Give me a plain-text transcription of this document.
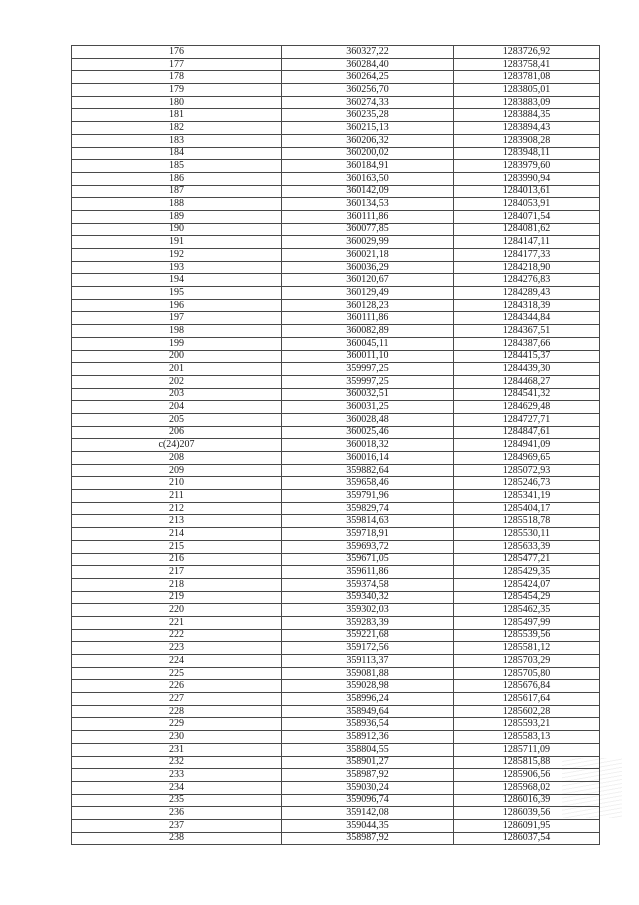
176	360327,22	1283726,92
177	360284,40	1283758,41
178	360264,25	1283781,08
179	360256,70	1283805,01
180	360274,33	1283883,09
181	360235,28	1283884,35
182	360215,13	1283894,43
183	360206,32	1283908,28
184	360200,02	1283948,11
185	360184,91	1283979,60
186	360163,50	1283990,94
187	360142,09	1284013,61
188	360134,53	1284053,91
189	360111,86	1284071,54
190	360077,85	1284081,62
191	360029,99	1284147,11
192	360021,18	1284177,33
193	360036,29	1284218,90
194	360120,67	1284276,83
195	360129,49	1284289,43
196	360128,23	1284318,39
197	360111,86	1284344,84
198	360082,89	1284367,51
199	360045,11	1284387,66
200	360011,10	1284415,37
201	359997,25	1284439,30
202	359997,25	1284468,27
203	360032,51	1284541,32
204	360031,25	1284629,48
205	360028,48	1284727,71
206	360025,46	1284847,61
c(24)207	360018,32	1284941,09
208	360016,14	1284969,65
209	359882,64	1285072,93
210	359658,46	1285246,73
211	359791,96	1285341,19
212	359829,74	1285404,17
213	359814,63	1285518,78
214	359718,91	1285530,11
215	359693,72	1285633,39
216	359671,05	1285477,21
217	359611,86	1285429,35
218	359374,58	1285424,07
219	359340,32	1285454,29
220	359302,03	1285462,35
221	359283,39	1285497,99
222	359221,68	1285539,56
223	359172,56	1285581,12
224	359113,37	1285703,29
225	359081,88	1285705,80
226	359028,98	1285676,84
227	358996,24	1285617,64
228	358949,64	1285602,28
229	358936,54	1285593,21
230	358912,36	1285583,13
231	358804,55	1285711,09
232	358901,27	1285815,88
233	358987,92	1285906,56
234	359030,24	1285968,02
235	359096,74	1286016,39
236	359142,08	1286039,56
237	359044,35	1286091,95
238	358987,92	1286037,54
